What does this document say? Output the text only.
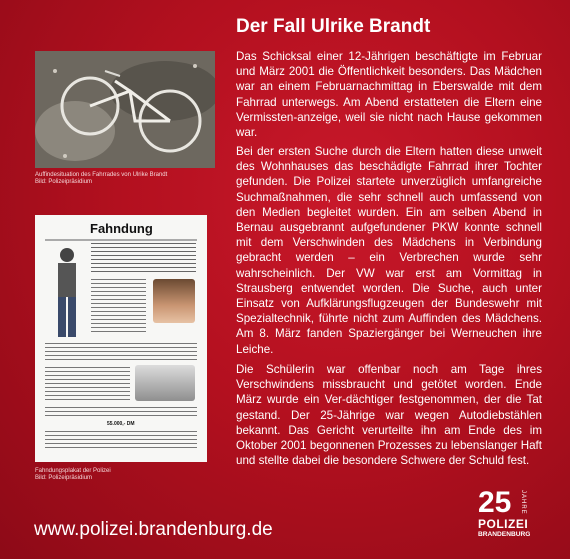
Auffindesituation des Fahrrades von Ulrike Brandt
Bild: Polizeipräsidium
Fahndung
55.000,- DM
Fahndungsplakat der Polizei
Bild: Polizeipräsidium
Der Fall Ulrike Brandt

Das Schicksal einer 12-Jährigen beschäftigte im Februar und März 2001 die Öffentlichkeit besonders. Das Mädchen war an einem Februarnachmittag in Eberswalde mit dem Fahrrad unterwegs. Am Abend erstatteten die Eltern eine Vermissten-anzeige, weil sie nicht nach Hause gekommen war.

Bei der ersten Suche durch die Eltern hatten diese unweit des Wohnhauses das beschädigte Fahrrad ihrer Tochter gefunden. Die Polizei startete unverzüglich umfangreiche Suchmaßnahmen, die sehr schnell auch umfassend von den Medien begleitet wurden. Ein am selben Abend in Bernau ausgebrannt aufgefundener PKW konnte schnell mit dem Verschwinden des Mädchens in Verbindung gebracht werden – ein Verbrechen wurde sehr wahrscheinlich. Der VW war erst am Vormittag in Strausberg entwendet worden. Die Suche, auch unter Einsatz von Aufklärungsflugzeugen der Bundeswehr mit Spezialtechnik, führte nicht zum Auffinden des Mädchens. Am 8. März fanden Spaziergänger bei Werneuchen ihre Leiche.

Die Schülerin war offenbar noch am Tage ihres Verschwindens missbraucht und getötet worden. Ende März wurde ein Ver-dächtiger festgenommen, der die Tat gestand. Der 25-Jährige war wegen Autodiebstählen bekannt. Das Gericht verurteilte ihn am Ende des im Oktober 2001 begonnenen Prozesses zu lebenslanger Haft und stellte dabei die besondere Schwere der Schuld fest.

www.polizei.brandenburg.de
25 JAHRE
POLIZEI
BRANDENBURG
